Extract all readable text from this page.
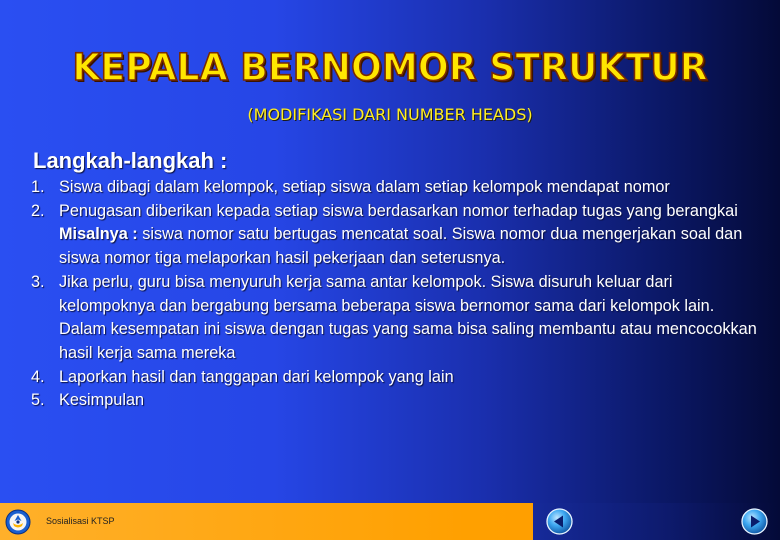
KEPALA BERNOMOR STRUKTUR
(MODIFIKASI DARI NUMBER HEADS)
Langkah-langkah :
1. Siswa dibagi dalam kelompok, setiap siswa dalam setiap kelompok mendapat nomor
2. Penugasan diberikan kepada setiap siswa berdasarkan nomor terhadap tugas yang berangkai
Misalnya : siswa nomor satu bertugas mencatat soal. Siswa nomor dua mengerjakan soal dan siswa nomor tiga melaporkan hasil pekerjaan dan seterusnya.
3. Jika perlu, guru bisa menyuruh kerja sama antar kelompok. Siswa disuruh keluar dari kelompoknya dan bergabung bersama beberapa siswa bernomor sama dari kelompok lain. Dalam kesempatan ini siswa dengan tugas yang sama bisa saling membantu atau mencocokkan hasil kerja sama mereka
4. Laporkan hasil dan tanggapan dari kelompok yang lain
5. Kesimpulan
Sosialisasi KTSP
